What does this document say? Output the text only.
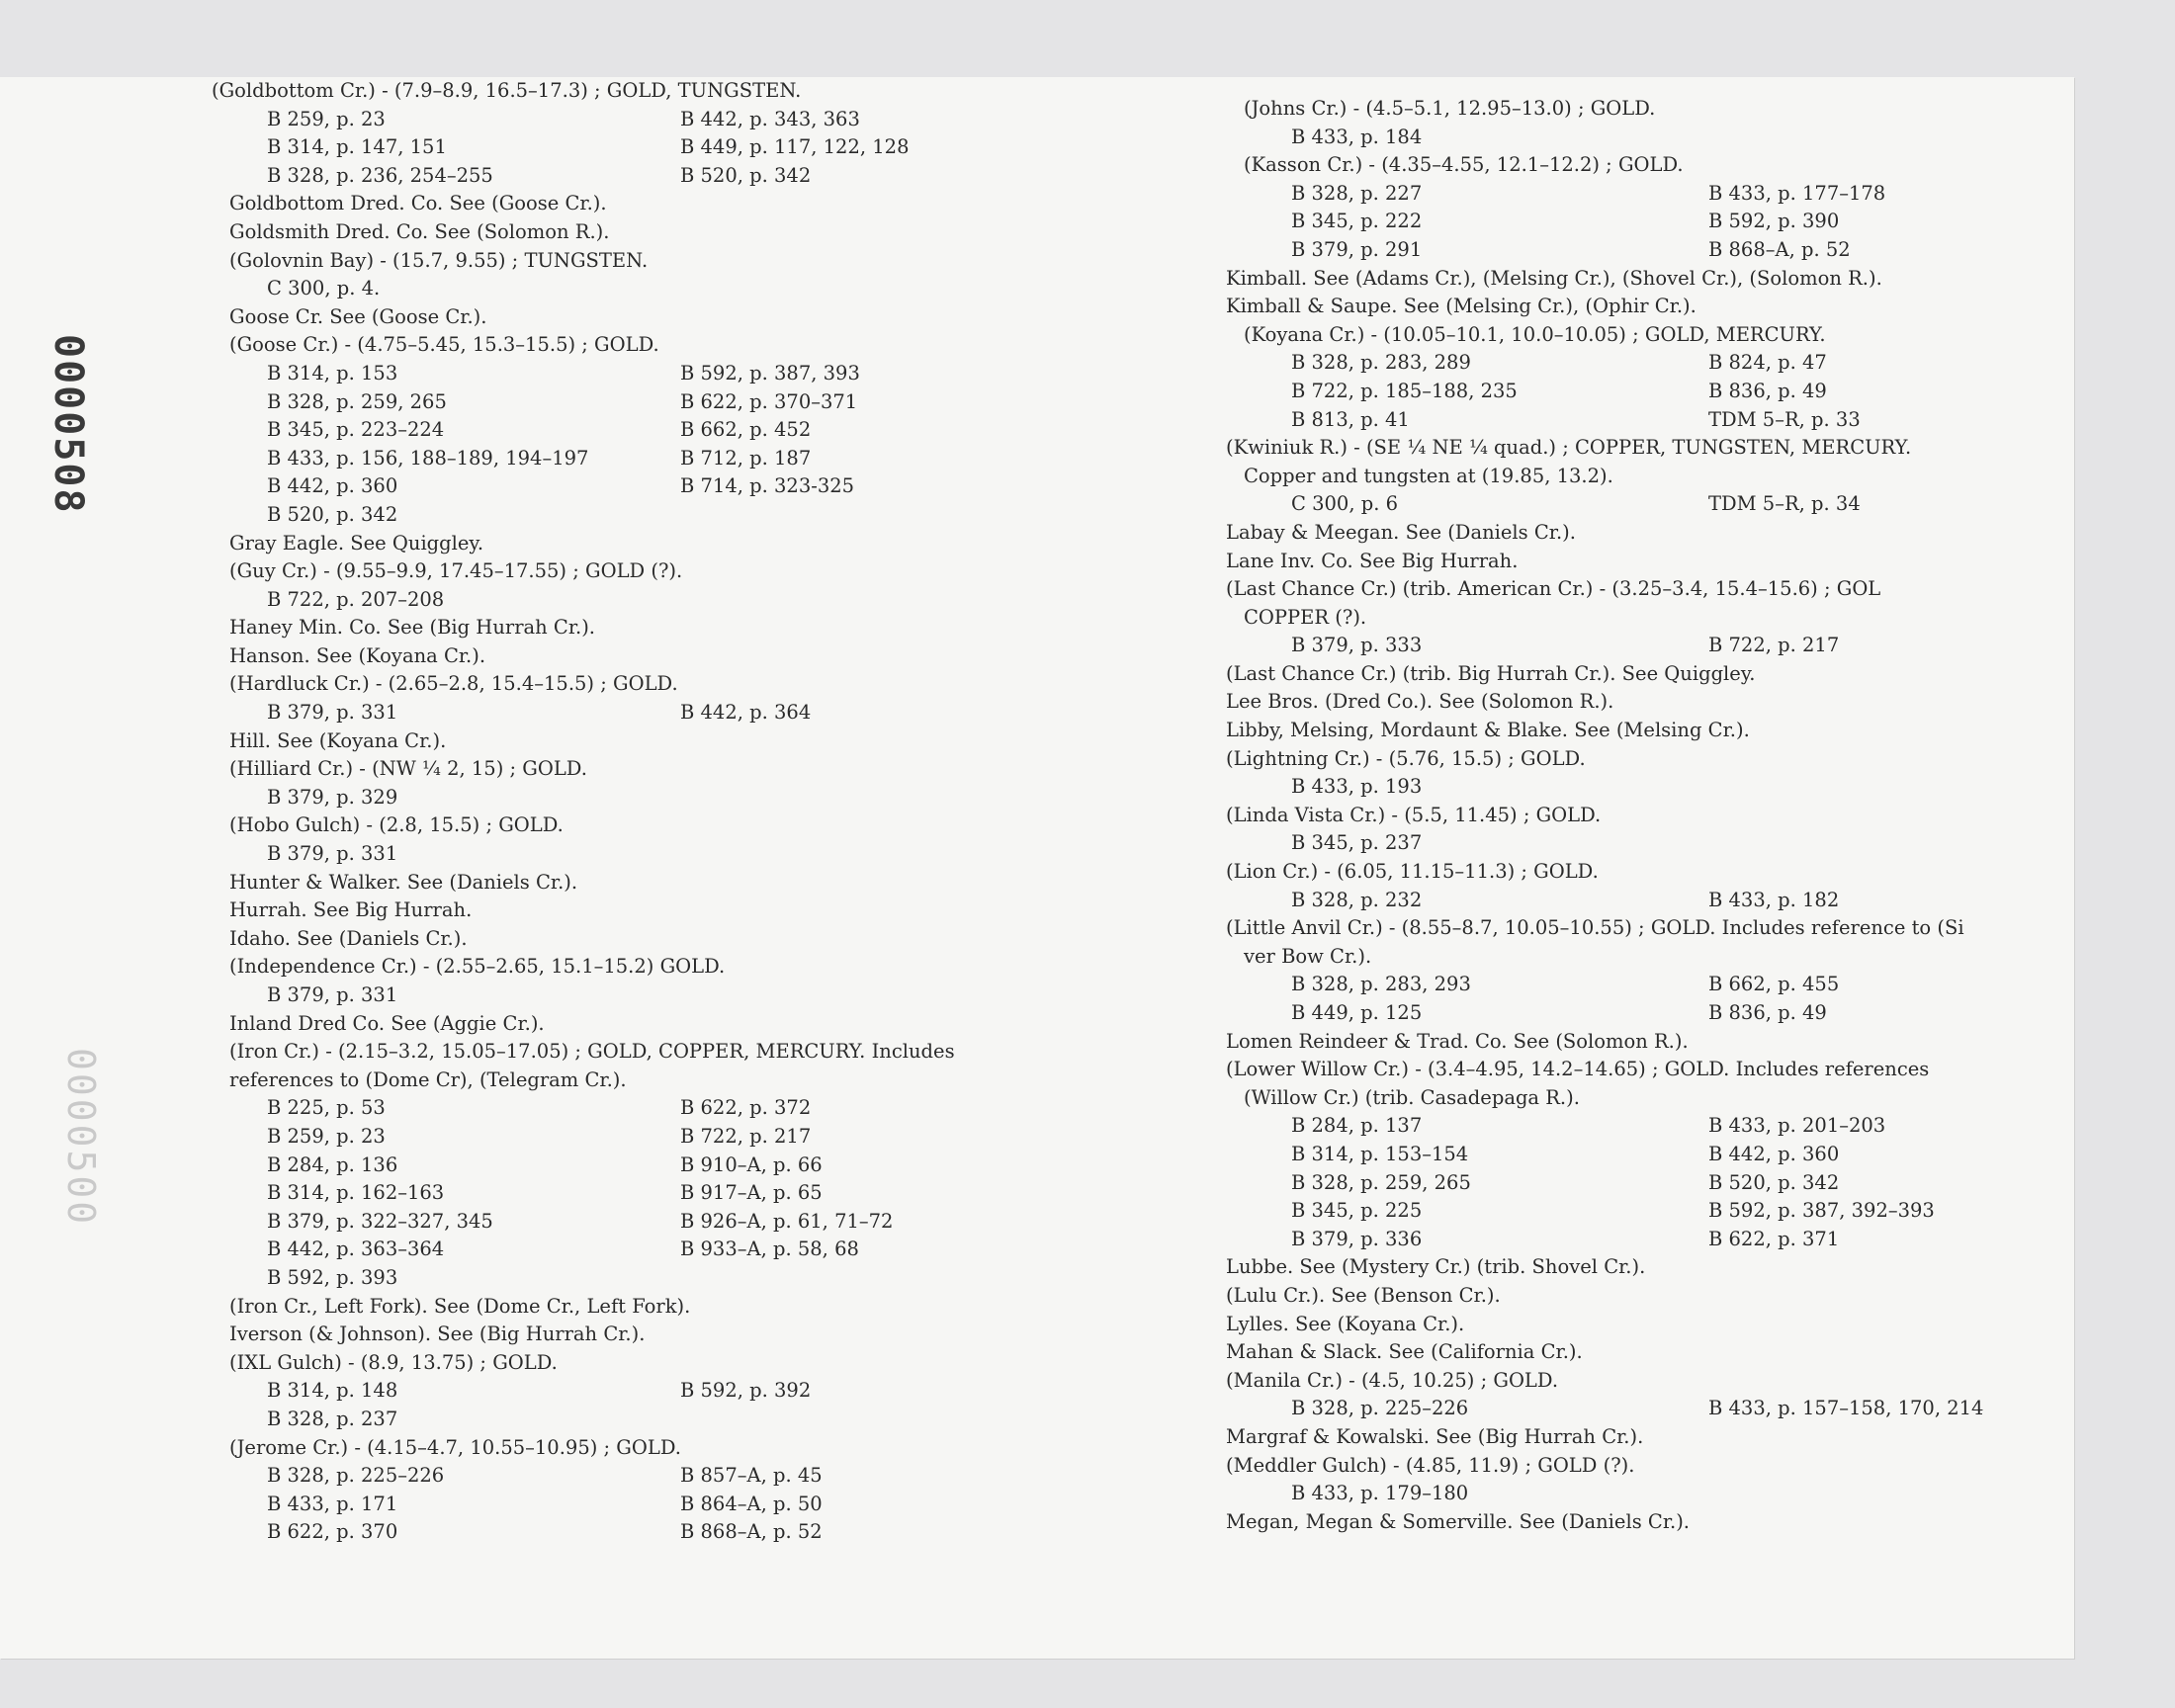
0000508
0000500
(Goldbottom Cr.) - (7.9–8.9, 16.5–17.3) ; GOLD, TUNGSTEN.
B 259, p. 23	B 442, p. 343, 363
B 314, p. 147, 151	B 449, p. 117, 122, 128
B 328, p. 236, 254–255	B 520, p. 342
Goldbottom Dred. Co. See (Goose Cr.).
Goldsmith Dred. Co. See (Solomon R.).
(Golovnin Bay) - (15.7, 9.55) ; TUNGSTEN.
C 300, p. 4.
Goose Cr. See (Goose Cr.).
(Goose Cr.) - (4.75–5.45, 15.3–15.5) ; GOLD.
B 314, p. 153	B 592, p. 387, 393
B 328, p. 259, 265	B 622, p. 370–371
B 345, p. 223–224	B 662, p. 452
B 433, p. 156, 188–189, 194–197	B 712, p. 187
B 442, p. 360	B 714, p. 323-325
B 520, p. 342
Gray Eagle. See Quiggley.
(Guy Cr.) - (9.55–9.9, 17.45–17.55) ; GOLD (?).
B 722, p. 207–208
Haney Min. Co. See (Big Hurrah Cr.).
Hanson. See (Koyana Cr.).
(Hardluck Cr.) - (2.65–2.8, 15.4–15.5) ; GOLD.
B 379, p. 331	B 442, p. 364
Hill. See (Koyana Cr.).
(Hilliard Cr.) - (NW ¼ 2, 15) ; GOLD.
B 379, p. 329
(Hobo Gulch) - (2.8, 15.5) ; GOLD.
B 379, p. 331
Hunter & Walker. See (Daniels Cr.).
Hurrah. See Big Hurrah.
Idaho. See (Daniels Cr.).
(Independence Cr.) - (2.55–2.65, 15.1–15.2) GOLD.
B 379, p. 331
Inland Dred Co. See (Aggie Cr.).
(Iron Cr.) - (2.15–3.2, 15.05–17.05) ; GOLD, COPPER, MERCURY. Includes
references to (Dome Cr), (Telegram Cr.).
B 225, p. 53	B 622, p. 372
B 259, p. 23	B 722, p. 217
B 284, p. 136	B 910–A, p. 66
B 314, p. 162–163	B 917–A, p. 65
B 379, p. 322–327, 345	B 926–A, p. 61, 71–72
B 442, p. 363–364	B 933–A, p. 58, 68
B 592, p. 393
(Iron Cr., Left Fork). See (Dome Cr., Left Fork).
Iverson (& Johnson). See (Big Hurrah Cr.).
(IXL Gulch) - (8.9, 13.75) ; GOLD.
B 314, p. 148	B 592, p. 392
B 328, p. 237
(Jerome Cr.) - (4.15–4.7, 10.55–10.95) ; GOLD.
B 328, p. 225–226	B 857–A, p. 45
B 433, p. 171	B 864–A, p. 50
B 622, p. 370	B 868–A, p. 52
(Johns Cr.) - (4.5–5.1, 12.95–13.0) ; GOLD.
B 433, p. 184
(Kasson Cr.) - (4.35–4.55, 12.1–12.2) ; GOLD.
B 328, p. 227	B 433, p. 177–178
B 345, p. 222	B 592, p. 390
B 379, p. 291	B 868–A, p. 52
Kimball. See (Adams Cr.), (Melsing Cr.), (Shovel Cr.), (Solomon R.).
Kimball & Saupe. See (Melsing Cr.), (Ophir Cr.).
(Koyana Cr.) - (10.05–10.1, 10.0–10.05) ; GOLD, MERCURY.
B 328, p. 283, 289	B 824, p. 47
B 722, p. 185–188, 235	B 836, p. 49
B 813, p. 41	TDM 5–R, p. 33
(Kwiniuk R.) - (SE ¼ NE ¼ quad.) ; COPPER, TUNGSTEN, MERCURY.
Copper and tungsten at (19.85, 13.2).
C 300, p. 6	TDM 5–R, p. 34
Labay & Meegan. See (Daniels Cr.).
Lane Inv. Co. See Big Hurrah.
(Last Chance Cr.) (trib. American Cr.) - (3.25–3.4, 15.4–15.6) ; GOL
COPPER (?).
B 379, p. 333	B 722, p. 217
(Last Chance Cr.) (trib. Big Hurrah Cr.). See Quiggley.
Lee Bros. (Dred Co.). See (Solomon R.).
Libby, Melsing, Mordaunt & Blake. See (Melsing Cr.).
(Lightning Cr.) - (5.76, 15.5) ; GOLD.
B 433, p. 193
(Linda Vista Cr.) - (5.5, 11.45) ; GOLD.
B 345, p. 237
(Lion Cr.) - (6.05, 11.15–11.3) ; GOLD.
B 328, p. 232	B 433, p. 182
(Little Anvil Cr.) - (8.55–8.7, 10.05–10.55) ; GOLD. Includes reference to (Si
ver Bow Cr.).
B 328, p. 283, 293	B 662, p. 455
B 449, p. 125	B 836, p. 49
Lomen Reindeer & Trad. Co. See (Solomon R.).
(Lower Willow Cr.) - (3.4–4.95, 14.2–14.65) ; GOLD. Includes references
(Willow Cr.) (trib. Casadepaga R.).
B 284, p. 137	B 433, p. 201–203
B 314, p. 153–154	B 442, p. 360
B 328, p. 259, 265	B 520, p. 342
B 345, p. 225	B 592, p. 387, 392–393
B 379, p. 336	B 622, p. 371
Lubbe. See (Mystery Cr.) (trib. Shovel Cr.).
(Lulu Cr.). See (Benson Cr.).
Lylles. See (Koyana Cr.).
Mahan & Slack. See (California Cr.).
(Manila Cr.) - (4.5, 10.25) ; GOLD.
B 328, p. 225–226	B 433, p. 157–158, 170, 214
Margraf & Kowalski. See (Big Hurrah Cr.).
(Meddler Gulch) - (4.85, 11.9) ; GOLD (?).
B 433, p. 179–180
Megan, Megan & Somerville. See (Daniels Cr.).
